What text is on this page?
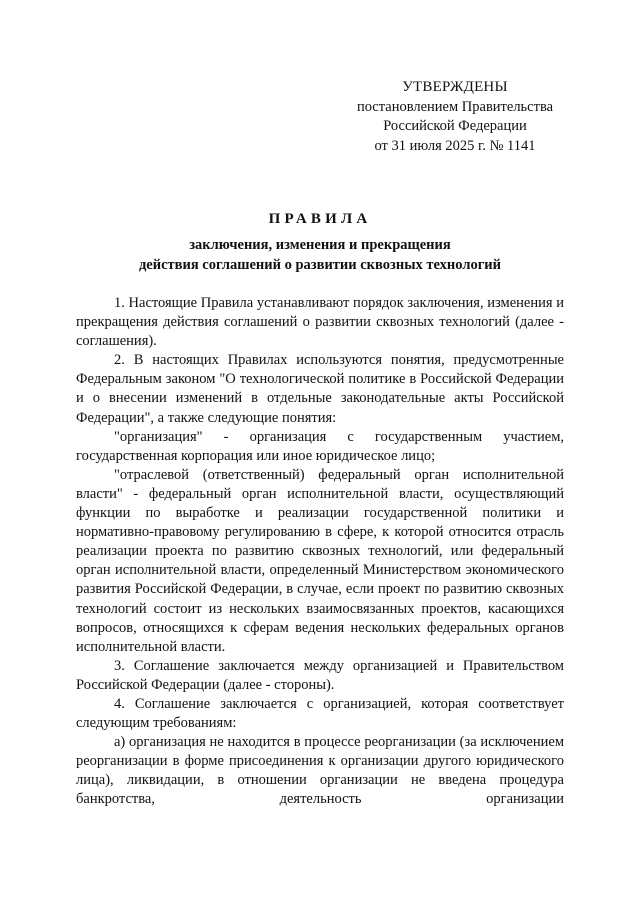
УТВЕРЖДЕНЫ
постановлением Правительства
Российской Федерации
от 31 июля 2025 г. № 1141
ПРАВИЛА
заключения, изменения и прекращения
действия соглашений о развитии сквозных технологий

1. Настоящие Правила устанавливают порядок заключения, изменения и прекращения действия соглашений о развитии сквозных технологий (далее - соглашения).

2. В настоящих Правилах используются понятия, предусмотренные Федеральным законом "О технологической политике в Российской Федерации и о внесении изменений в отдельные законодательные акты Российской Федерации", а также следующие понятия:

"организация" - организация с государственным участием, государственная корпорация или иное юридическое лицо;

"отраслевой (ответственный) федеральный орган исполнительной власти" - федеральный орган исполнительной власти, осуществляющий функции по выработке и реализации государственной политики и нормативно-правовому регулированию в сфере, к которой относится отрасль реализации проекта по развитию сквозных технологий, или федеральный орган исполнительной власти, определенный Министерством экономического развития Российской Федерации, в случае, если проект по развитию сквозных технологий состоит из нескольких взаимосвязанных проектов, касающихся вопросов, относящихся к сферам ведения нескольких федеральных органов исполнительной власти.

3. Соглашение заключается между организацией и Правительством Российской Федерации (далее - стороны).

4. Соглашение заключается с организацией, которая соответствует следующим требованиям:

а) организация не находится в процессе реорганизации (за исключением реорганизации в форме присоединения к организации другого юридического лица), ликвидации, в отношении организации не введена процедура банкротства, деятельность организации
